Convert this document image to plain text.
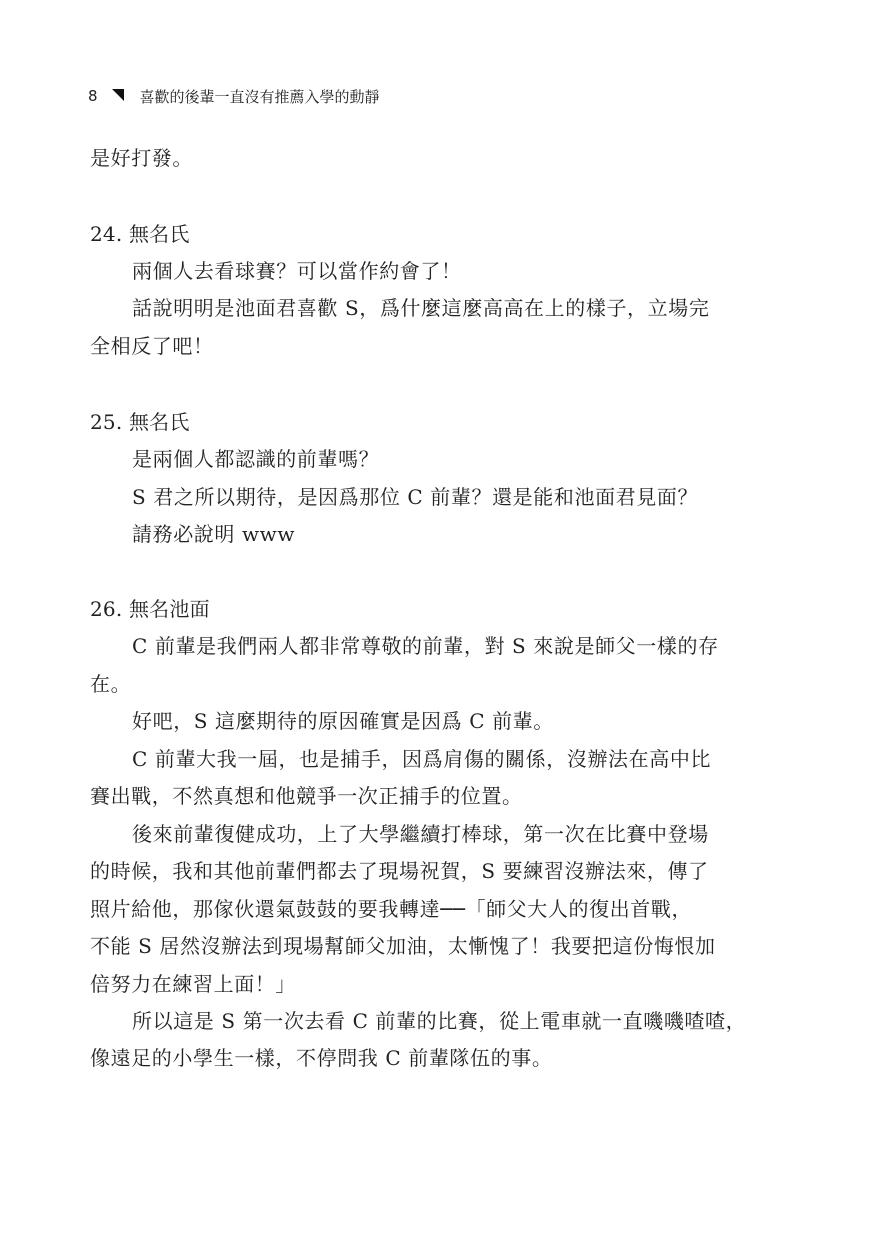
8	喜歡的後輩一直沒有推薦入學的動靜
是好打發。
24. 無名氏
兩個人去看球賽？可以當作約會了！
話說明明是池面君喜歡 S，爲什麼這麼高高在上的樣子，立場完
全相反了吧！
25. 無名氏
是兩個人都認識的前輩嗎？
S 君之所以期待，是因爲那位 C 前輩？還是能和池面君見面？
請務必說明 www
26. 無名池面
C 前輩是我們兩人都非常尊敬的前輩，對 S 來說是師父一樣的存
在。
好吧，S 這麼期待的原因確實是因爲 C 前輩。
C 前輩大我一屆，也是捕手，因爲肩傷的關係，沒辦法在高中比
賽出戰，不然真想和他競爭一次正捕手的位置。
後來前輩復健成功，上了大學繼續打棒球，第一次在比賽中登場
的時候，我和其他前輩們都去了現場祝賀，S 要練習沒辦法來，傳了
照片給他，那傢伙還氣鼓鼓的要我轉達──「師父大人的復出首戰，
不能 S 居然沒辦法到現場幫師父加油，太慚愧了！我要把這份悔恨加
倍努力在練習上面！」
所以這是 S 第一次去看 C 前輩的比賽，從上電車就一直嘰嘰喳喳，
像遠足的小學生一樣，不停問我 C 前輩隊伍的事。
